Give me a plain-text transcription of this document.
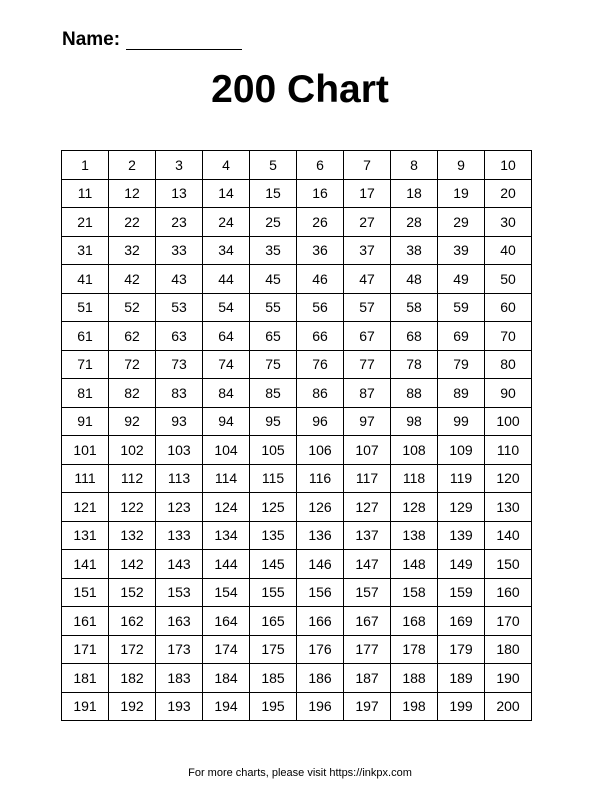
Name:
200 Chart
1	2	3	4	5	6	7	8	9	10
11	12	13	14	15	16	17	18	19	20
21	22	23	24	25	26	27	28	29	30
31	32	33	34	35	36	37	38	39	40
41	42	43	44	45	46	47	48	49	50
51	52	53	54	55	56	57	58	59	60
61	62	63	64	65	66	67	68	69	70
71	72	73	74	75	76	77	78	79	80
81	82	83	84	85	86	87	88	89	90
91	92	93	94	95	96	97	98	99	100
101	102	103	104	105	106	107	108	109	110
111	112	113	114	115	116	117	118	119	120
121	122	123	124	125	126	127	128	129	130
131	132	133	134	135	136	137	138	139	140
141	142	143	144	145	146	147	148	149	150
151	152	153	154	155	156	157	158	159	160
161	162	163	164	165	166	167	168	169	170
171	172	173	174	175	176	177	178	179	180
181	182	183	184	185	186	187	188	189	190
191	192	193	194	195	196	197	198	199	200
For more charts, please visit https://inkpx.com
